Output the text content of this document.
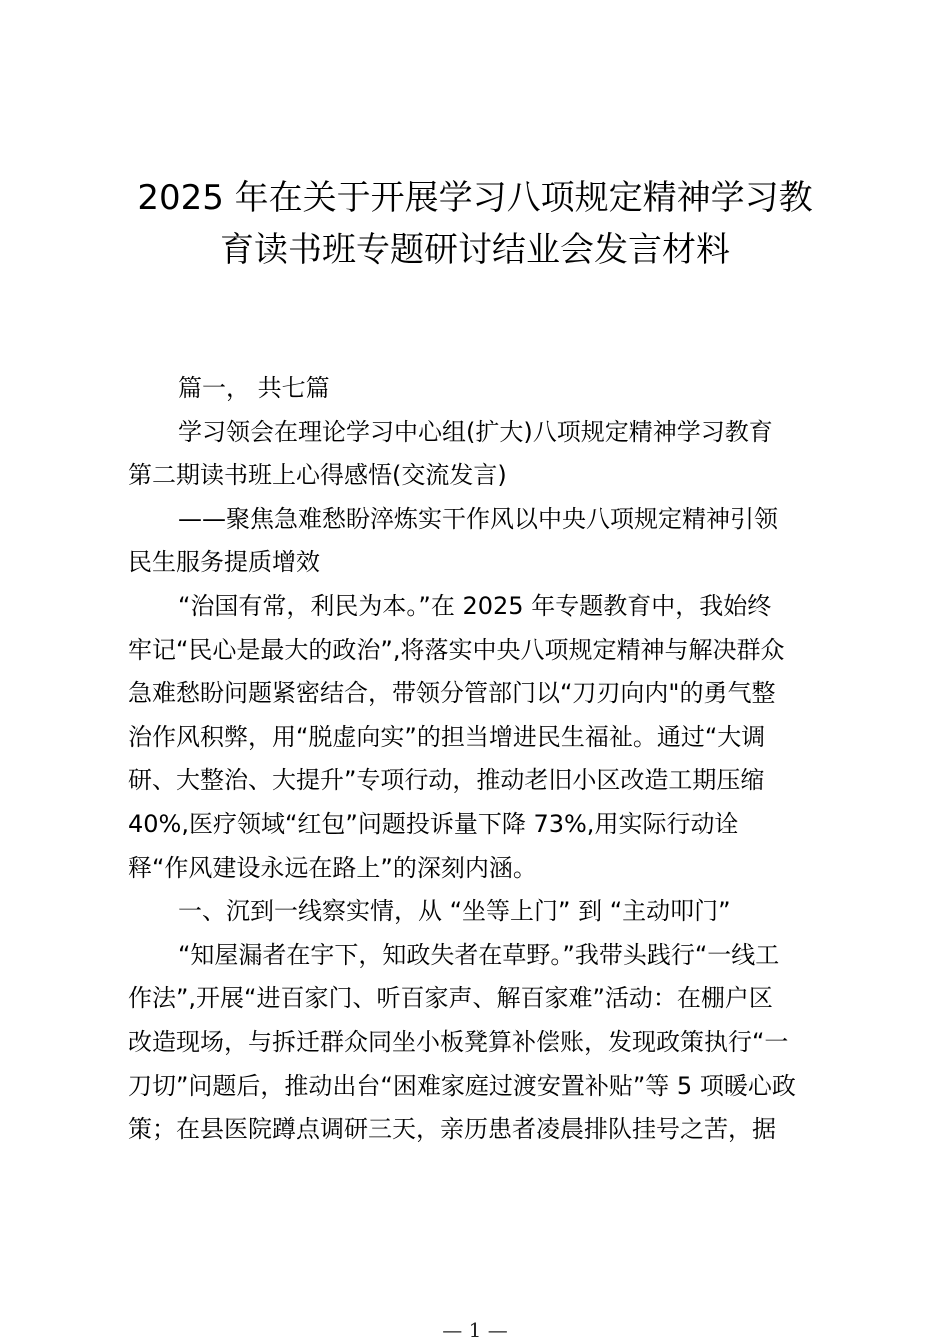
2025 年在关于开展学习八项规定精神学习教
育读书班专题研讨结业会发言材料
篇一， 共七篇
学习领会在理论学习中心组(扩大)八项规定精神学习教育
第二期读书班上心得感悟(交流发言)
——聚焦急难愁盼淬炼实干作风以中央八项规定精神引领
民生服务提质增效
“治国有常，利民为本。”在 2025 年专题教育中，我始终
牢记“民心是最大的政治”,将落实中央八项规定精神与解决群众
急难愁盼问题紧密结合，带领分管部门以“刀刃向内"的勇气整
治作风积弊，用“脱虚向实”的担当增进民生福祉。通过“大调
研、大整治、大提升”专项行动，推动老旧小区改造工期压缩
40%,医疗领域“红包”问题投诉量下降 73%,用实际行动诠
释“作风建设永远在路上”的深刻内涵。
一、沉到一线察实情，从 “坐等上门” 到 “主动叩门”
“知屋漏者在宇下，知政失者在草野。”我带头践行“一线工
作法”,开展“进百家门、听百家声、解百家难”活动：在棚户区
改造现场，与拆迁群众同坐小板凳算补偿账，发现政策执行“一
刀切”问题后，推动出台“困难家庭过渡安置补贴”等 5 项暖心政
策；在县医院蹲点调研三天，亲历患者凌晨排队挂号之苦，据
— 1 —
